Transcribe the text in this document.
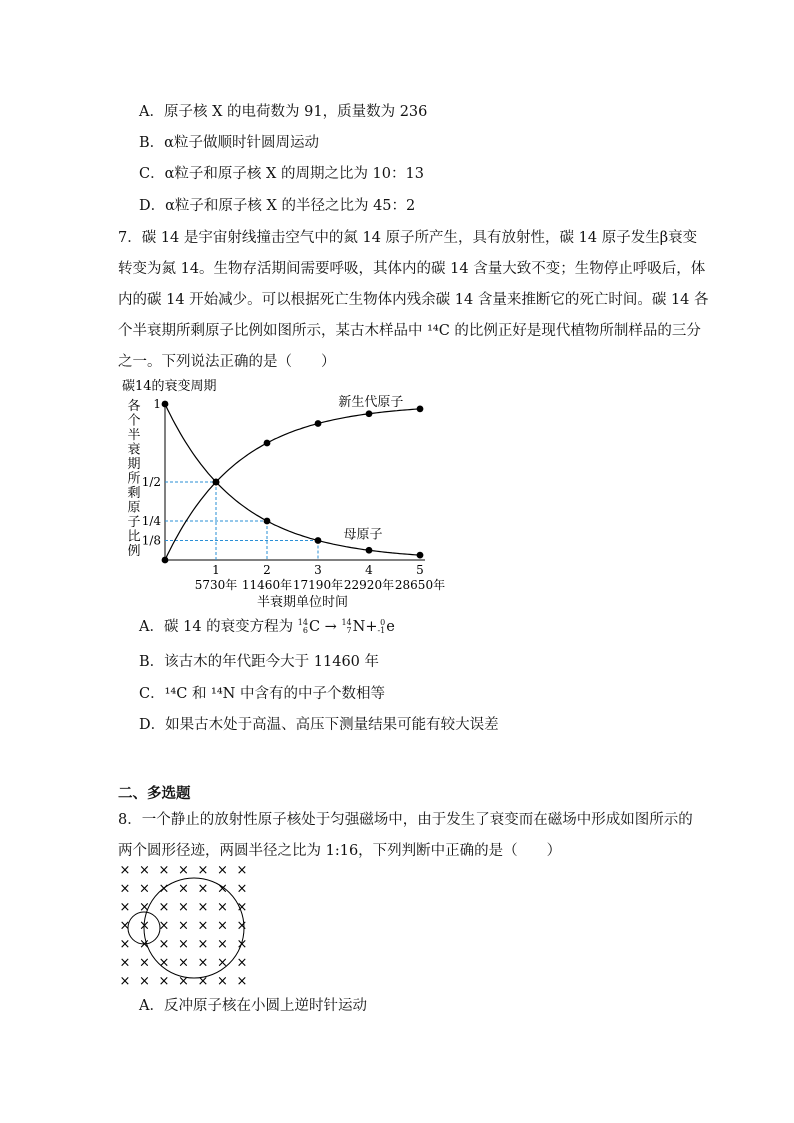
A．原子核 X 的电荷数为 91，质量数为 236
B．α粒子做顺时针圆周运动
C．α粒子和原子核 X 的周期之比为 10：13
D．α粒子和原子核 X 的半径之比为 45：2
7．碳 14 是宇宙射线撞击空气中的氮 14 原子所产生，具有放射性，碳 14 原子发生β衰变
转变为氮 14。生物存活期间需要呼吸，其体内的碳 14 含量大致不变；生物停止呼吸后，体
内的碳 14 开始减少。可以根据死亡生物体内残余碳 14 含量来推断它的死亡时间。碳 14 各
个半衰期所剩原子比例如图所示，某古木样品中 ¹⁴C 的比例正好是现代植物所制样品的三分
之一。下列说法正确的是（　　）
碳14的衰变周期
各
个
半
衰
期
所
剩
原
子
比
例
1
1/2
1/4
1/8
1	2	3	4	5
5730年 11460年 17190年 22920年 28650年
新生代原子
母原子
半衰期单位时间
A．碳 14 的衰变方程为 14
6 C → 14
7 N+ 0
-1 e
B．该古木的年代距今大于 11460 年
C．¹⁴C 和 ¹⁴N 中含有的中子个数相等
D．如果古木处于高温、高压下测量结果可能有较大误差
二、多选题
8．一个静止的放射性原子核处于匀强磁场中，由于发生了衰变而在磁场中形成如图所示的
两个圆形径迹，两圆半径之比为 1:16，下列判断中正确的是（　　）
× × × × × × ×
× × × × × × ×
× × × × × × ×
× × × × × × ×
× × × × × × ×
× × × × × × ×
× × × × × × ×
A．反冲原子核在小圆上逆时针运动
